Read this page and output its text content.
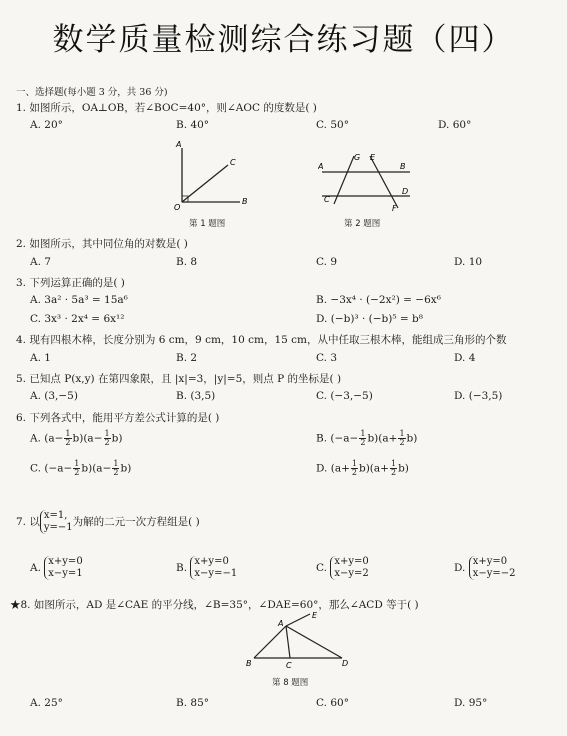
数学质量检测综合练习题（四）
一、选择题(每小题 3 分，共 36 分)
1. 如图所示，OA⊥OB，若∠BOC=40°，则∠AOC 的度数是( )
A. 20°	B. 40°	C. 50°	D. 60°
A
B
C
O
第 1 题图
A	B
C
D
E
F
G
第 2 题图
2. 如图所示，其中同位角的对数是( )
A. 7	B. 8	C. 9	D. 10
3. 下列运算正确的是( )
A. 3a² · 5a³ = 15a⁶	B. −3x⁴ · (−2x²) = −6x⁶
C. 3x³ · 2x⁴ = 6x¹²	D. (−b)³ · (−b)⁵ = b⁸
4. 现有四根木棒，长度分别为 6 cm，9 cm，10 cm，15 cm，从中任取三根木棒，能组成三角形的个数
A. 1	B. 2	C. 3	D. 4
5. 已知点 P(x,y) 在第四象限，且 |x|=3，|y|=5，则点 P 的坐标是( )
A. (3,−5)	B. (3,5)	C. (−3,−5)	D. (−3,5)
6. 下列各式中，能用平方差公式计算的是( )
A. $(a- \frac{1}{2} b)(a- \frac{1}{2} b)$	B. $(-a- \frac{1}{2} b)(a+ \frac{1}{2} b)$
C. $(-a- \frac{1}{2} b)(a- \frac{1}{2} b)$	D. $(a+ \frac{1}{2} b)(a+ \frac{1}{2} b)$
7. 以
x=1,
y=−1 为解的二元一次方程组是( )
A.
x+y=0
x−y=1	B.
x+y=0
x−y=−1	C.
x+y=0
x−y=2	D.
x+y=0
x−y=−2
★8. 如图所示，AD 是∠CAE 的平分线，∠B=35°，∠DAE=60°，那么∠ACD 等于( )
A
B	C	D
E
第 8 题图
A. 25°	B. 85°	C. 60°	D. 95°
